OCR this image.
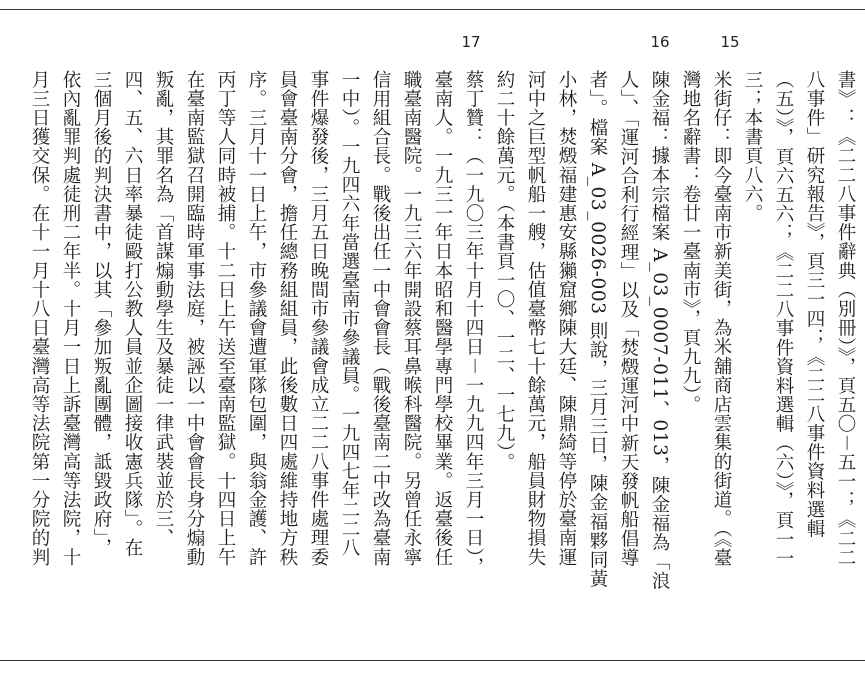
15
16
17
書》：《二二八事件辭典（別冊）》，頁五〇－五一；《二二
八事件」研究報告》，頁三一四；《二二八事件資料選輯
（五）》，頁六五六；《二二八事件資料選輯（六）》，頁一一
三；本書頁八六。
米街仔：即今臺南市新美街，為米舖商店雲集的街道。（《臺
灣地名辭書：卷廿一臺南市》，頁九九）。
陳金福：據本宗檔案 A_03_0007-011、013，陳金福為「浪
人」、「運河合利行經理」以及「焚燬運河中新天發帆船倡導
者」。檔案 A_03_0026-003 則說，三月三日，陳金福夥同黃
小林，焚燬福建惠安縣獺窟鄉陳大廷、陳鼎綺等停於臺南運
河中之巨型帆船一艘，估值臺幣七十餘萬元，船員財物損失
約二十餘萬元。（本書頁一〇、一二、一七九）。
蔡丁贊：（一九〇三年十月十四日－一九九四年三月一日），
臺南人。一九三一年日本昭和醫學專門學校畢業。返臺後任
職臺南醫院。一九三六年開設蔡耳鼻喉科醫院。另曾任永寧
信用組合長。戰後出任一中會會長（戰後臺南二中改為臺南
一中）。一九四六年當選臺南市參議員。一九四七年二二八
事件爆發後，三月五日晚間市參議會成立二二八事件處理委
員會臺南分會，擔任總務組組員，此後數日四處維持地方秩
序。三月十一日上午，市參議會遭軍隊包圍，與翁金護、許
丙丁等人同時被捕。十二日上午送至臺南監獄。十四日上午
在臺南監獄召開臨時軍事法庭，被誣以一中會會長身分煽動
叛亂，其罪名為「首謀煽動學生及暴徒一律武裝並於三、
四、五、六日率暴徒毆打公教人員並企圖接收憲兵隊」。在
三個月後的判決書中，以其「參加叛亂團體，詆毀政府」，
依內亂罪判處徒刑二年半。十月一日上訴臺灣高等法院，十
月三日獲交保。在十一月十八日臺灣高等法院第一分院的判
